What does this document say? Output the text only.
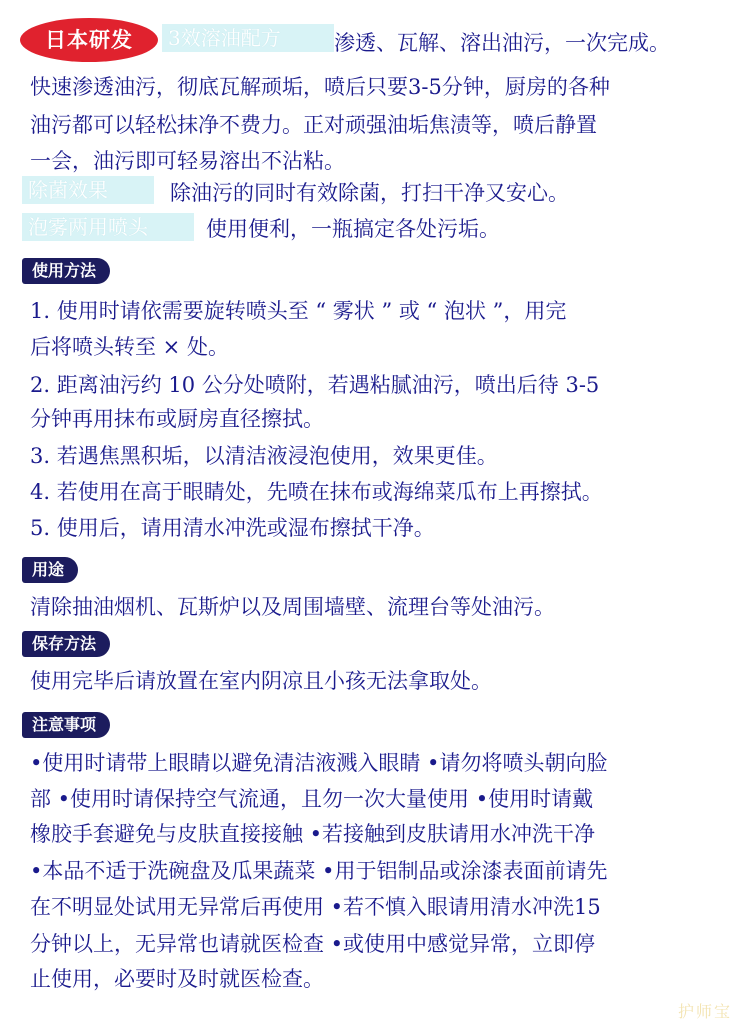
日本研发	3效溶油配方	渗透、瓦解、溶出油污，一次完成。
快速渗透油污，彻底瓦解顽垢，喷后只要3-5分钟，厨房的各种
油污都可以轻松抹净不费力。正对顽强油垢焦渍等，喷后静置
一会，油污即可轻易溶出不沾粘。
除菌效果	除油污的同时有效除菌，打扫干净又安心。
泡雾两用喷头	使用便利，一瓶搞定各处污垢。
使用方法
1. 使用时请依需要旋转喷头至 “ 雾状 ” 或 “ 泡状 ”，用完
后将喷头转至 × 处。
2. 距离油污约 10 公分处喷附，若遇粘腻油污，喷出后待 3-5
分钟再用抹布或厨房直径擦拭。
3. 若遇焦黑积垢，以清洁液浸泡使用，效果更佳。
4. 若使用在高于眼睛处，先喷在抹布或海绵菜瓜布上再擦拭。
5. 使用后，请用清水冲洗或湿布擦拭干净。
用途
清除抽油烟机、瓦斯炉以及周围墙壁、流理台等处油污。
保存方法
使用完毕后请放置在室内阴凉且小孩无法拿取处。
注意事项
•使用时请带上眼睛以避免清洁液溅入眼睛 •请勿将喷头朝向脸
部 •使用时请保持空气流通，且勿一次大量使用 •使用时请戴
橡胶手套避免与皮肤直接接触 •若接触到皮肤请用水冲洗干净
•本品不适于洗碗盘及瓜果蔬菜 •用于铝制品或涂漆表面前请先
在不明显处试用无异常后再使用 •若不慎入眼请用清水冲洗15
分钟以上，无异常也请就医检查 •或使用中感觉异常，立即停
止使用，必要时及时就医检查。
护师宝
